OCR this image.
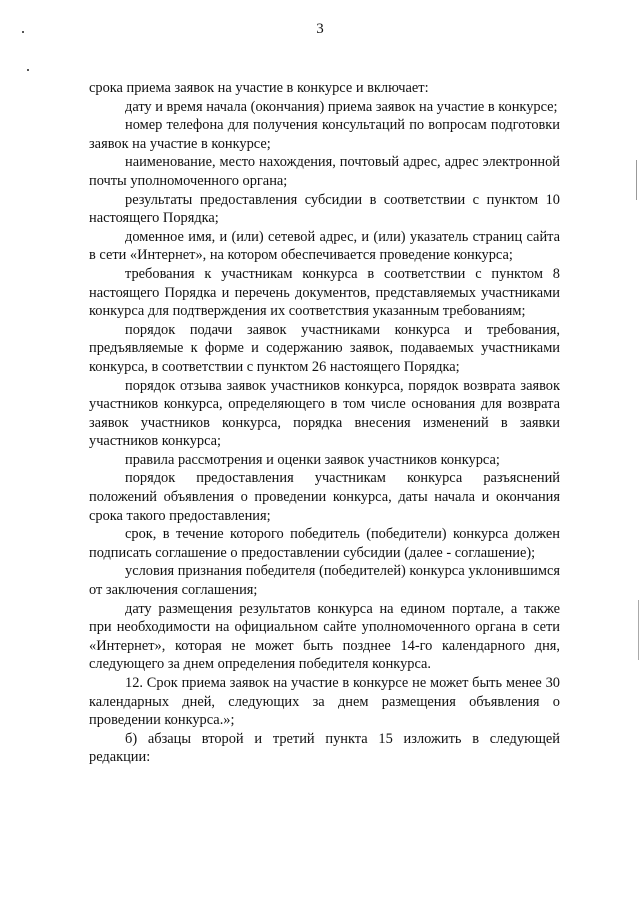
3

срока приема заявок на участие в конкурсе и включает:

дату и время начала (окончания) приема заявок на участие в конкурсе;

номер телефона для получения консультаций по вопросам подготовки заявок на участие в конкурсе;

наименование, место нахождения, почтовый адрес, адрес электронной почты уполномоченного органа;

результаты предоставления субсидии в соответствии с пунктом 10 настоящего Порядка;

доменное имя, и (или) сетевой адрес, и (или) указатель страниц сайта в сети «Интернет», на котором обеспечивается проведение конкурса;

требования к участникам конкурса в соответствии с пунктом 8 настоящего Порядка и перечень документов, представляемых участниками конкурса для подтверждения их соответствия указанным требованиям;

порядок подачи заявок участниками конкурса и требования, предъявляемые к форме и содержанию заявок, подаваемых участниками конкурса, в соответствии с пунктом 26 настоящего Порядка;

порядок отзыва заявок участников конкурса, порядок возврата заявок участников конкурса, определяющего в том числе основания для возврата заявок участников конкурса, порядка внесения изменений в заявки участников конкурса;

правила рассмотрения и оценки заявок участников конкурса;

порядок предоставления участникам конкурса разъяснений положений объявления о проведении конкурса, даты начала и окончания срока такого предоставления;

срок, в течение которого победитель (победители) конкурса должен подписать соглашение о предоставлении субсидии (далее - соглашение);

условия признания победителя (победителей) конкурса уклонившимся от заключения соглашения;

дату размещения результатов конкурса на едином портале, а также при необходимости на официальном сайте уполномоченного органа в сети «Интернет», которая не может быть позднее 14-го календарного дня, следующего за днем определения победителя конкурса.

12. Срок приема заявок на участие в конкурсе не может быть менее 30 календарных дней, следующих за днем размещения объявления о проведении конкурса.»;

б) абзацы второй и третий пункта 15 изложить в следующей редакции:
